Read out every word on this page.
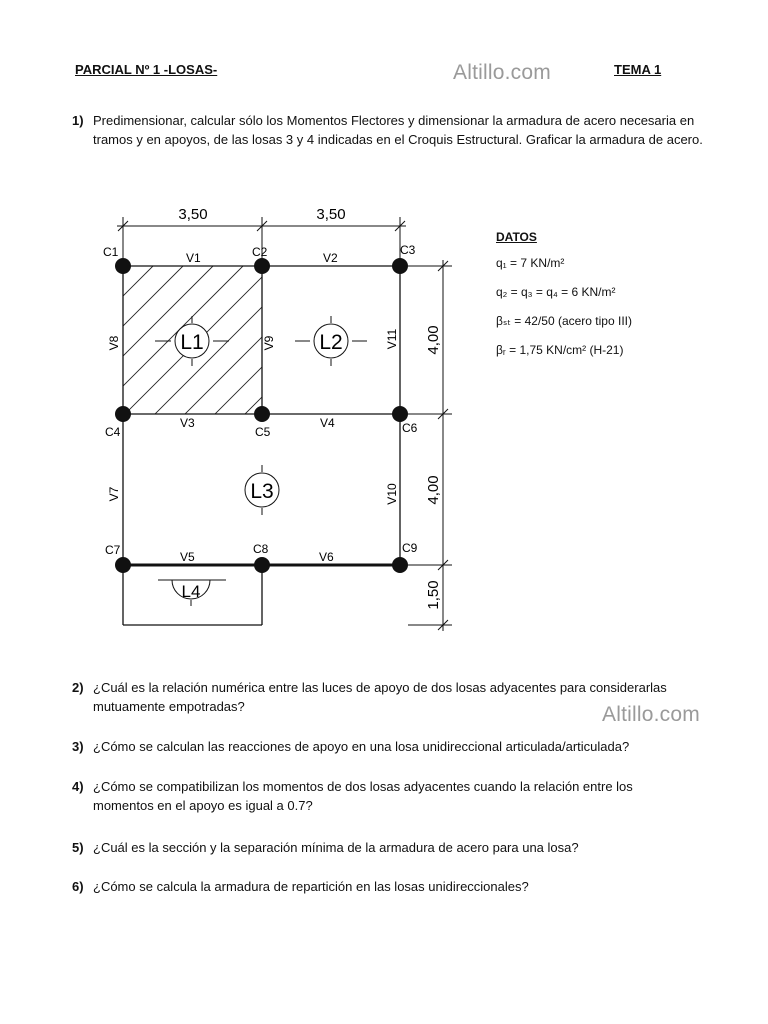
PARCIAL Nº 1 -LOSAS-	TEMA 1
Altillo.com
Altillo.com
1) Predimensionar, calcular sólo los Momentos Flectores y dimensionar la armadura de acero necesaria en tramos y en apoyos, de las losas 3 y 4 indicadas en el Croquis Estructural. Graficar la armadura de acero.
3,50	3,50
4,00
4,00
1,50
C1	C2	C3
C4	C5	C6
C7	C8	C9
V1	V2
V3	V4
V5	V6
V7
V8	V9
V10
V11
L1	L2
L3
L4
DATOS
q₁ = 7 KN/m²
q₂ = q₃ = q₄ = 6 KN/m²
βₛₜ = 42/50 (acero tipo III)
βᵣ = 1,75 KN/cm² (H-21)
2) ¿Cuál es la relación numérica entre las luces de apoyo de dos losas adyacentes para considerarlas mutuamente empotradas?
3) ¿Cómo se calculan las reacciones de apoyo en una losa unidireccional articulada/articulada?
4) ¿Cómo se compatibilizan los momentos de dos losas adyacentes cuando la relación entre los momentos en el apoyo es igual a 0.7?
5) ¿Cuál es la sección y la separación mínima de la armadura de acero para una losa?
6) ¿Cómo se calcula la armadura de repartición en las losas unidireccionales?
